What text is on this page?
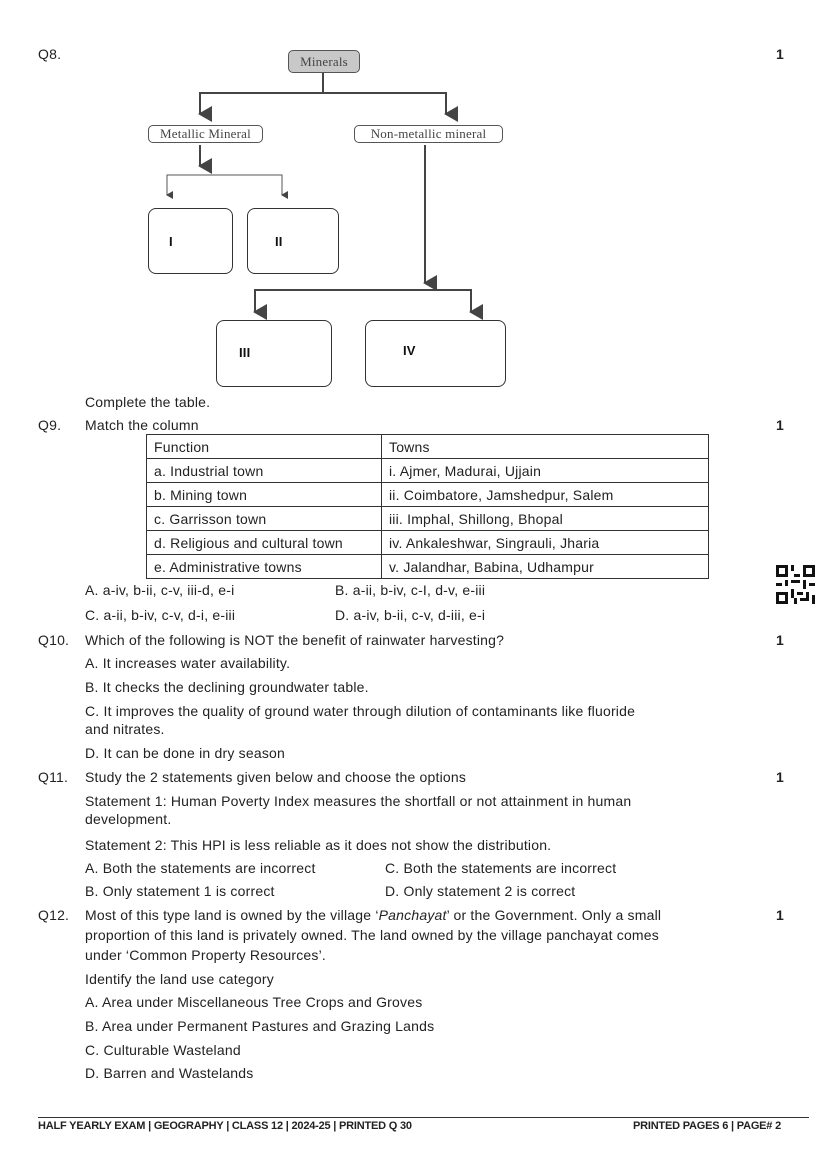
Q8.	1
Minerals
Metallic Mineral	Non-metallic mineral
I	II
III	IV
Complete the table.
Q9. Match the column	1
Function	Towns
a. Industrial town	i. Ajmer, Madurai, Ujjain
b. Mining town	ii. Coimbatore, Jamshedpur, Salem
c. Garrisson town	iii. Imphal, Shillong, Bhopal
d. Religious and cultural town	iv. Ankaleshwar, Singrauli, Jharia
e. Administrative towns	v. Jalandhar, Babina, Udhampur
A. a-iv, b-ii, c-v, iii-d, e-i	B. a-ii, b-iv, c-I, d-v, e-iii
C. a-ii, b-iv, c-v, d-i, e-iii	D. a-iv, b-ii, c-v, d-iii, e-i
Q10. Which of the following is NOT the benefit of rainwater harvesting?	1
A. It increases water availability.
B. It checks the declining groundwater table.
C. It improves the quality of ground water through dilution of contaminants like fluoride
and nitrates.
D. It can be done in dry season
Q11. Study the 2 statements given below and choose the options	1
Statement 1: Human Poverty Index measures the shortfall or not attainment in human
development.
Statement 2: This HPI is less reliable as it does not show the distribution.
A. Both the statements are incorrect	C. Both the statements are incorrect
B. Only statement 1 is correct	D. Only statement 2 is correct
Q12.	1
Most of this type land is owned by the village ‘Panchayat’ or the Government. Only a small
proportion of this land is privately owned. The land owned by the village panchayat comes
under ‘Common Property Resources’.
Identify the land use category
A. Area under Miscellaneous Tree Crops and Groves
B. Area under Permanent Pastures and Grazing Lands
C. Culturable Wasteland
D. Barren and Wastelands
HALF YEARLY EXAM | GEOGRAPHY | CLASS 12 | 2024-25 | PRINTED Q 30	PRINTED PAGES 6 | PAGE# 2
